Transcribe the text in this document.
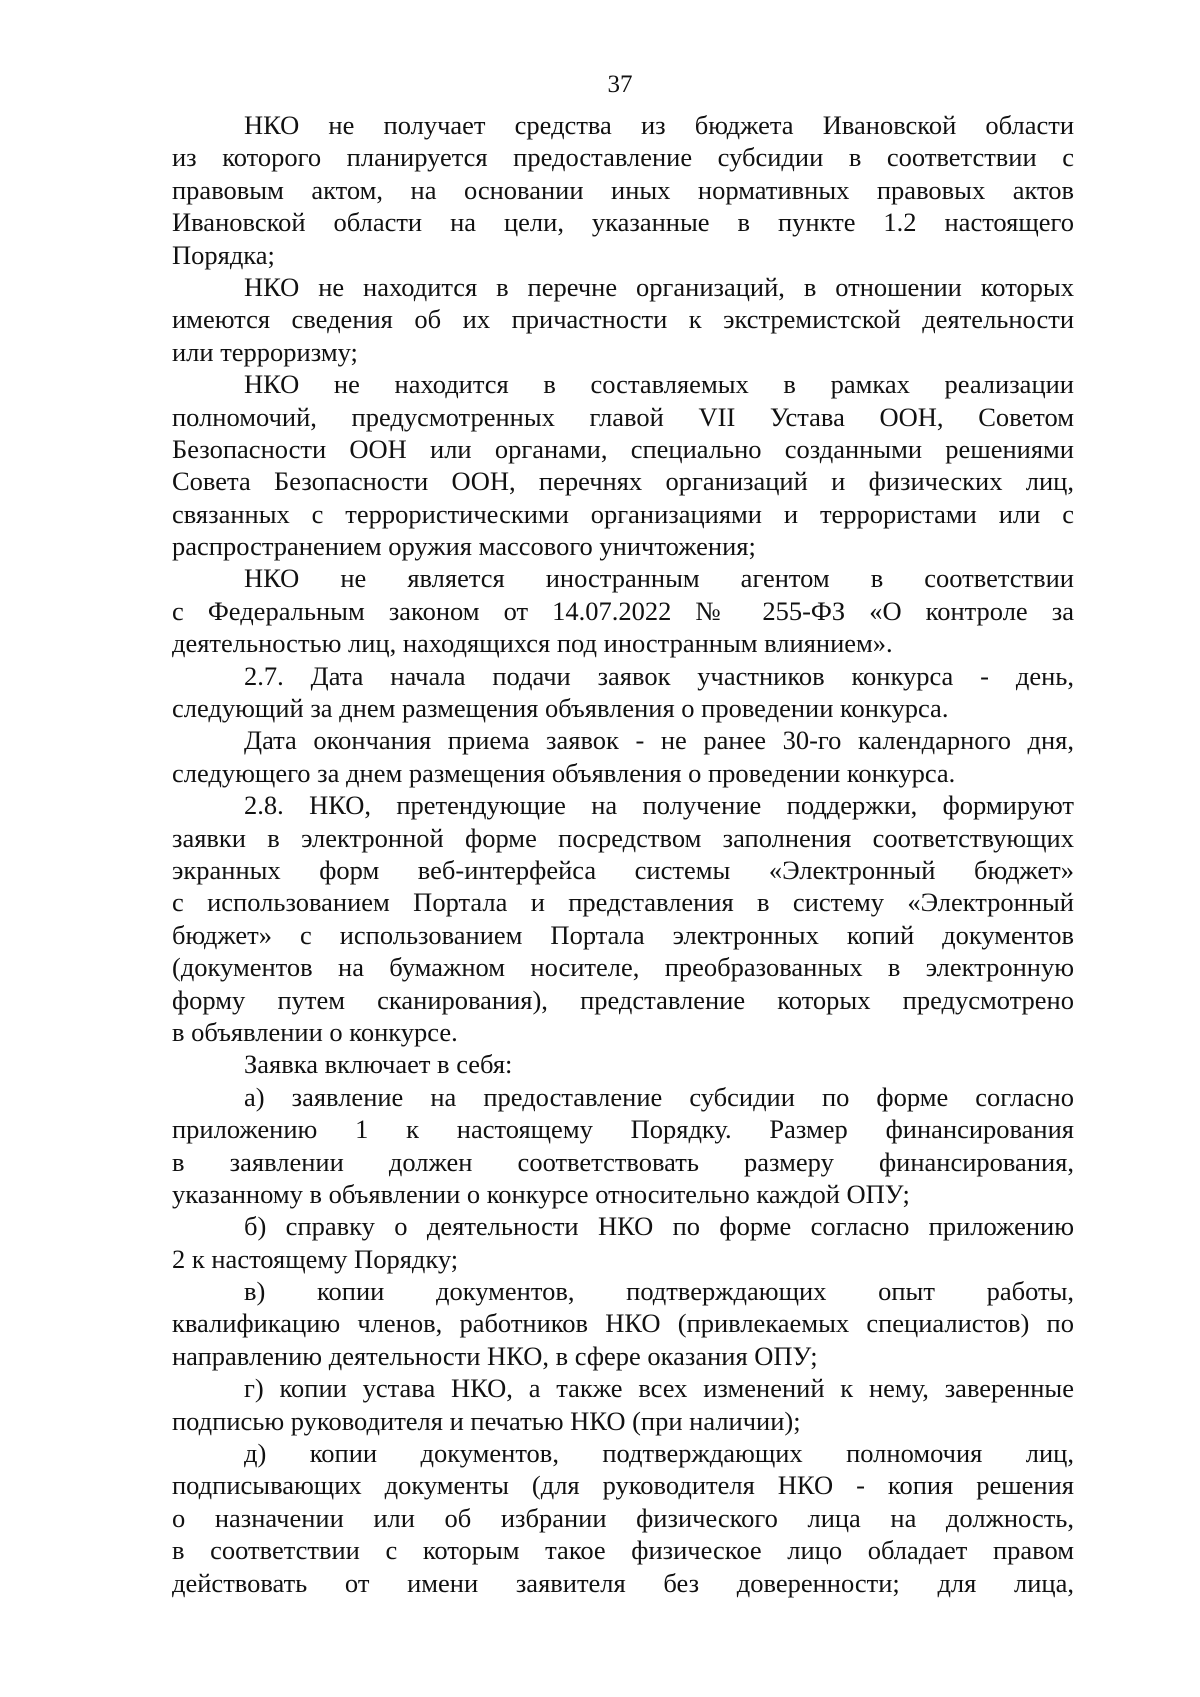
37
НКО не получает средства из бюджета Ивановской области
из которого планируется предоставление субсидии в соответствии с
правовым актом, на основании иных нормативных правовых актов
Ивановской области на цели, указанные в пункте 1.2 настоящего
Порядка;
НКО не находится в перечне организаций, в отношении которых
имеются сведения об их причастности к экстремистской деятельности
или терроризму;
НКО не находится в составляемых в рамках реализации
полномочий, предусмотренных главой VII Устава ООН, Советом
Безопасности ООН или органами, специально созданными решениями
Совета Безопасности ООН, перечнях организаций и физических лиц,
связанных с террористическими организациями и террористами или с
распространением оружия массового уничтожения;
НКО не является иностранным агентом в соответствии
с Федеральным законом от 14.07.2022 № 255-ФЗ «О контроле за
деятельностью лиц, находящихся под иностранным влиянием».
2.7. Дата начала подачи заявок участников конкурса - день,
следующий за днем размещения объявления о проведении конкурса.
Дата окончания приема заявок - не ранее 30-го календарного дня,
следующего за днем размещения объявления о проведении конкурса.
2.8. НКО, претендующие на получение поддержки, формируют
заявки в электронной форме посредством заполнения соответствующих
экранных форм веб-интерфейса системы «Электронный бюджет»
с использованием Портала и представления в систему «Электронный
бюджет» с использованием Портала электронных копий документов
(документов на бумажном носителе, преобразованных в электронную
форму путем сканирования), представление которых предусмотрено
в объявлении о конкурсе.
Заявка включает в себя:
а) заявление на предоставление субсидии по форме согласно
приложению 1 к настоящему Порядку. Размер финансирования
в заявлении должен соответствовать размеру финансирования,
указанному в объявлении о конкурсе относительно каждой ОПУ;
б) справку о деятельности НКО по форме согласно приложению
2 к настоящему Порядку;
в) копии документов, подтверждающих опыт работы,
квалификацию членов, работников НКО (привлекаемых специалистов) по
направлению деятельности НКО, в сфере оказания ОПУ;
г) копии устава НКО, а также всех изменений к нему, заверенные
подписью руководителя и печатью НКО (при наличии);
д) копии документов, подтверждающих полномочия лиц,
подписывающих документы (для руководителя НКО - копия решения
о назначении или об избрании физического лица на должность,
в соответствии с которым такое физическое лицо обладает правом
действовать от имени заявителя без доверенности; для лица,
